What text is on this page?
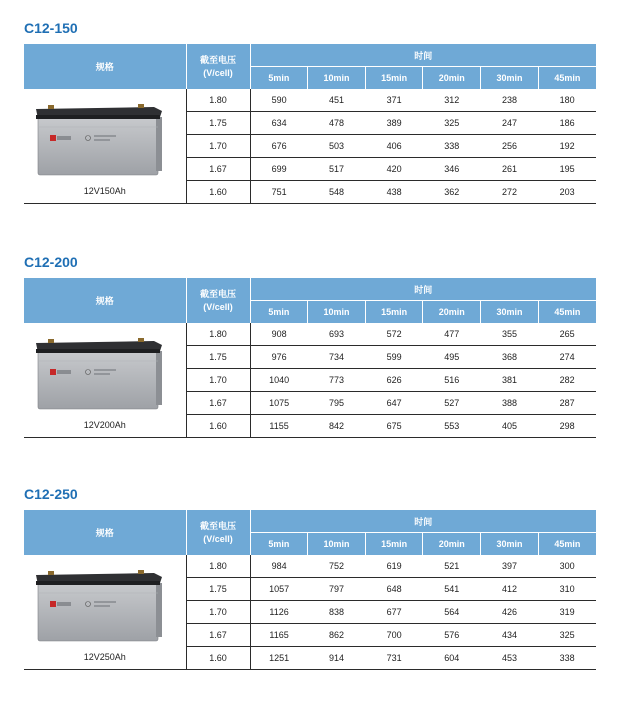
C12-150
规格	截至电压
(V/cell)	时间					
		5min	10min	15min	20min	30min	45min

12V150Ah	1.80	590	451	371	312	238	180
	1.75	634	478	389	325	247	186
	1.70	676	503	406	338	256	192
	1.67	699	517	420	346	261	195
	1.60	751	548	438	362	272	203
C12-200
规格	截至电压
(V/cell)	时间					
		5min	10min	15min	20min	30min	45min

12V200Ah	1.80	908	693	572	477	355	265
	1.75	976	734	599	495	368	274
	1.70	1040	773	626	516	381	282
	1.67	1075	795	647	527	388	287
	1.60	1155	842	675	553	405	298
C12-250
规格	截至电压
(V/cell)	时间					
		5min	10min	15min	20min	30min	45min

12V250Ah	1.80	984	752	619	521	397	300
	1.75	1057	797	648	541	412	310
	1.70	1126	838	677	564	426	319
	1.67	1165	862	700	576	434	325
	1.60	1251	914	731	604	453	338
